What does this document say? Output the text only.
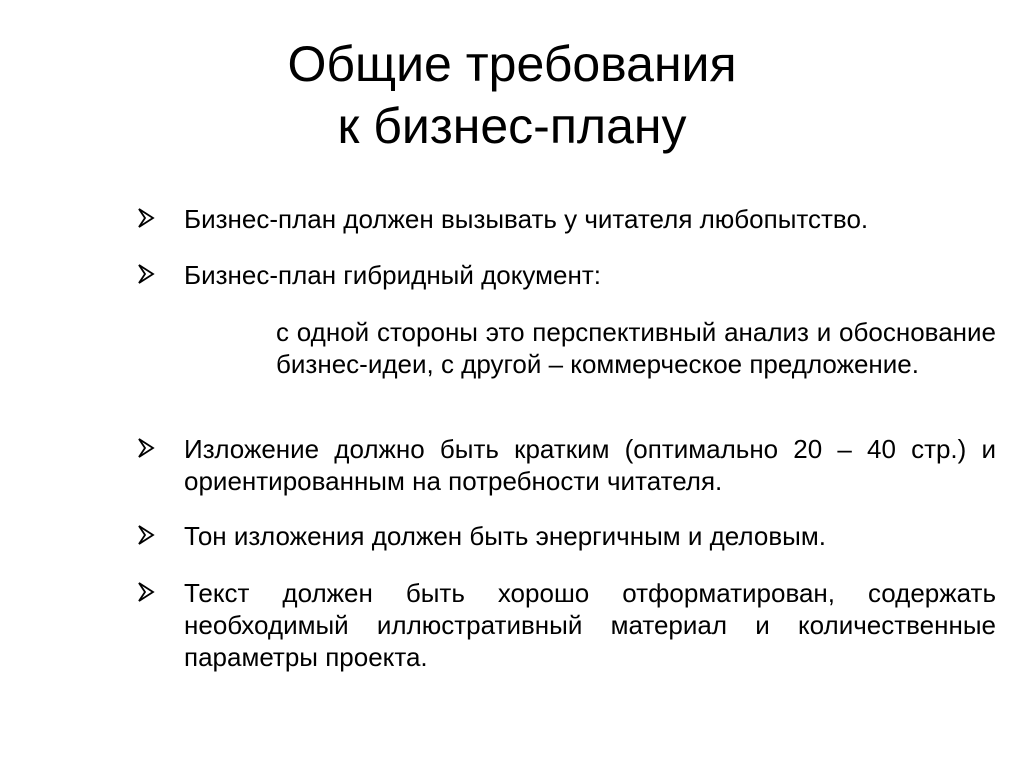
Общие требования
к бизнес-плану
Бизнес-план должен вызывать у читателя любопытство.
Бизнес-план гибридный документ:
с одной стороны это перспективный анализ и обоснование бизнес-идеи, с другой – коммерческое предложение.
Изложение должно быть кратким (оптимально 20 – 40 стр.) и ориентированным на потребности читателя.
Тон изложения должен быть энергичным и деловым.
Текст должен быть хорошо отформатирован, содержать необходимый иллюстративный материал и количественные параметры проекта.
